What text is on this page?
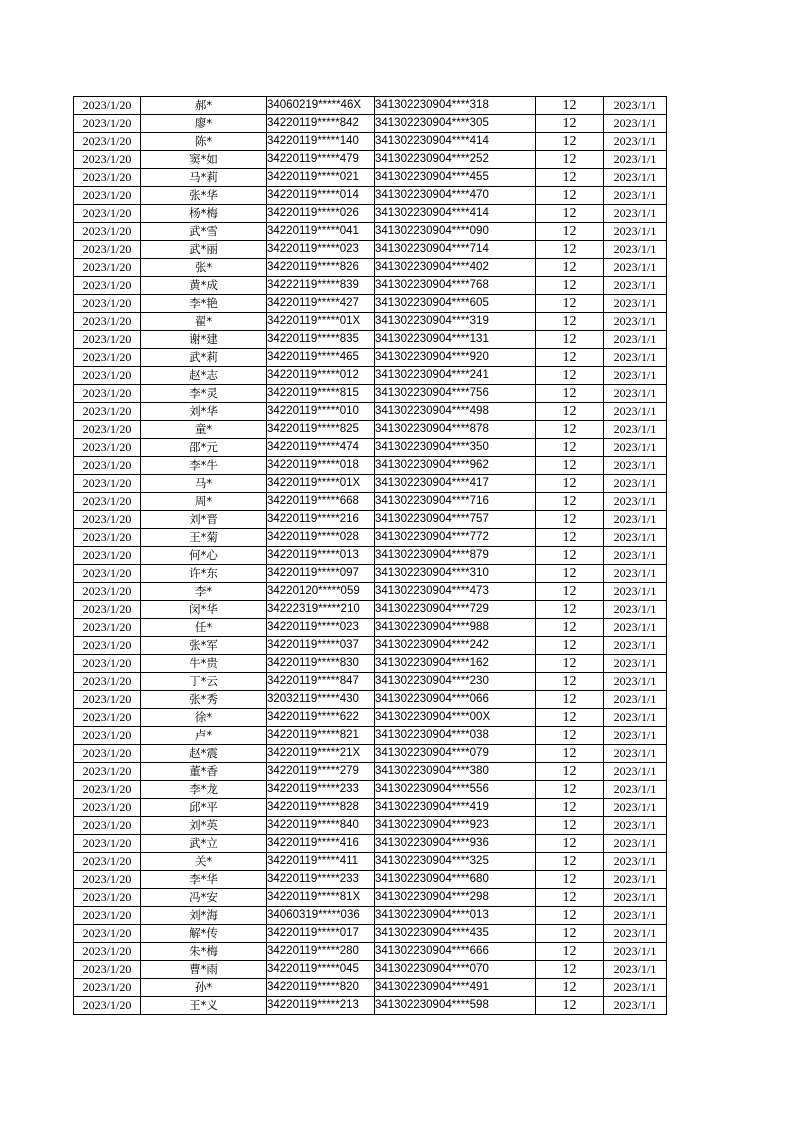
2023/1/20	郝*	34060219*****46X	341302230904****318	12	2023/1/1
2023/1/20	廖*	34220119*****842	341302230904****305	12	2023/1/1
2023/1/20	陈*	34220119*****140	341302230904****414	12	2023/1/1
2023/1/20	窦*如	34220119*****479	341302230904****252	12	2023/1/1
2023/1/20	马*莉	34220119*****021	341302230904****455	12	2023/1/1
2023/1/20	张*华	34220119*****014	341302230904****470	12	2023/1/1
2023/1/20	杨*梅	34220119*****026	341302230904****414	12	2023/1/1
2023/1/20	武*雪	34220119*****041	341302230904****090	12	2023/1/1
2023/1/20	武*丽	34220119*****023	341302230904****714	12	2023/1/1
2023/1/20	张*	34220119*****826	341302230904****402	12	2023/1/1
2023/1/20	黄*成	34222119*****839	341302230904****768	12	2023/1/1
2023/1/20	李*艳	34220119*****427	341302230904****605	12	2023/1/1
2023/1/20	翟*	34220119*****01X	341302230904****319	12	2023/1/1
2023/1/20	谢*建	34220119*****835	341302230904****131	12	2023/1/1
2023/1/20	武*莉	34220119*****465	341302230904****920	12	2023/1/1
2023/1/20	赵*志	34220119*****012	341302230904****241	12	2023/1/1
2023/1/20	李*灵	34220119*****815	341302230904****756	12	2023/1/1
2023/1/20	刘*华	34220119*****010	341302230904****498	12	2023/1/1
2023/1/20	童*	34220119*****825	341302230904****878	12	2023/1/1
2023/1/20	邵*元	34220119*****474	341302230904****350	12	2023/1/1
2023/1/20	李*牛	34220119*****018	341302230904****962	12	2023/1/1
2023/1/20	马*	34220119*****01X	341302230904****417	12	2023/1/1
2023/1/20	周*	34220119*****668	341302230904****716	12	2023/1/1
2023/1/20	刘*晋	34220119*****216	341302230904****757	12	2023/1/1
2023/1/20	王*菊	34220119*****028	341302230904****772	12	2023/1/1
2023/1/20	何*心	34220119*****013	341302230904****879	12	2023/1/1
2023/1/20	许*东	34220119*****097	341302230904****310	12	2023/1/1
2023/1/20	李*	34220120*****059	341302230904****473	12	2023/1/1
2023/1/20	闵*华	34222319*****210	341302230904****729	12	2023/1/1
2023/1/20	任*	34220119*****023	341302230904****988	12	2023/1/1
2023/1/20	张*军	34220119*****037	341302230904****242	12	2023/1/1
2023/1/20	牛*贵	34220119*****830	341302230904****162	12	2023/1/1
2023/1/20	丁*云	34220119*****847	341302230904****230	12	2023/1/1
2023/1/20	张*秀	32032119*****430	341302230904****066	12	2023/1/1
2023/1/20	徐*	34220119*****622	341302230904****00X	12	2023/1/1
2023/1/20	卢*	34220119*****821	341302230904****038	12	2023/1/1
2023/1/20	赵*震	34220119*****21X	341302230904****079	12	2023/1/1
2023/1/20	董*香	34220119*****279	341302230904****380	12	2023/1/1
2023/1/20	李*龙	34220119*****233	341302230904****556	12	2023/1/1
2023/1/20	邱*平	34220119*****828	341302230904****419	12	2023/1/1
2023/1/20	刘*英	34220119*****840	341302230904****923	12	2023/1/1
2023/1/20	武*立	34220119*****416	341302230904****936	12	2023/1/1
2023/1/20	关*	34220119*****411	341302230904****325	12	2023/1/1
2023/1/20	李*华	34220119*****233	341302230904****680	12	2023/1/1
2023/1/20	冯*安	34220119*****81X	341302230904****298	12	2023/1/1
2023/1/20	刘*海	34060319*****036	341302230904****013	12	2023/1/1
2023/1/20	解*传	34220119*****017	341302230904****435	12	2023/1/1
2023/1/20	朱*梅	34220119*****280	341302230904****666	12	2023/1/1
2023/1/20	曹*雨	34220119*****045	341302230904****070	12	2023/1/1
2023/1/20	孙*	34220119*****820	341302230904****491	12	2023/1/1
2023/1/20	王*义	34220119*****213	341302230904****598	12	2023/1/1
